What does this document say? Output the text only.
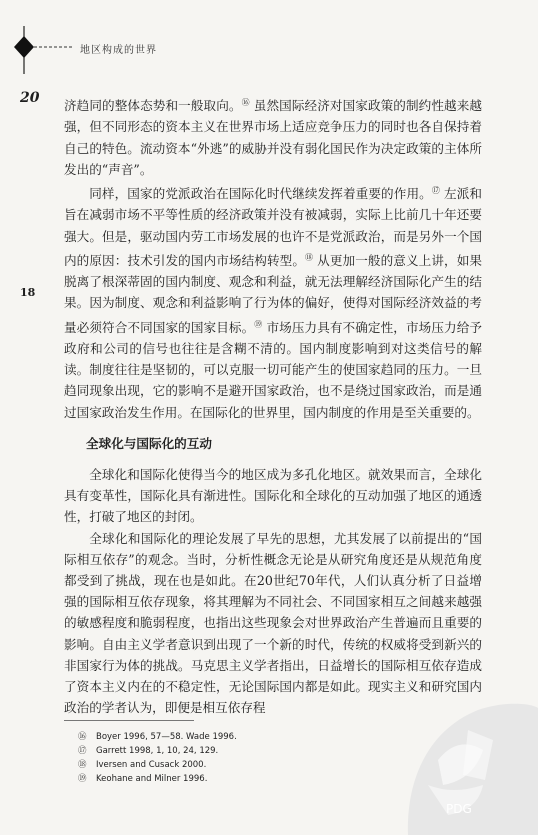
地区构成的世界
20
18

济趋同的整体态势和一般取向。⑯ 虽然国际经济对国家政策的制约性越来越强，但不同形态的资本主义在世界市场上适应竞争压力的同时也各自保持着自己的特色。流动资本“外逃”的威胁并没有弱化国民作为决定政策的主体所发出的“声音”。

同样，国家的党派政治在国际化时代继续发挥着重要的作用。⑰ 左派和旨在减弱市场不平等性质的经济政策并没有被减弱，实际上比前几十年还要强大。但是，驱动国内劳工市场发展的也许不是党派政治，而是另外一个国内的原因：技术引发的国内市场结构转型。⑱ 从更加一般的意义上讲，如果脱离了根深蒂固的国内制度、观念和利益，就无法理解经济国际化产生的结果。因为制度、观念和利益影响了行为体的偏好，使得对国际经济效益的考量必须符合不同国家的国家目标。⑲ 市场压力具有不确定性，市场压力给予政府和公司的信号也往往是含糊不清的。国内制度影响到对这类信号的解读。制度往往是坚韧的，可以克服一切可能产生的使国家趋同的压力。一旦趋同现象出现，它的影响不是避开国家政治，也不是绕过国家政治，而是通过国家政治发生作用。在国际化的世界里，国内制度的作用是至关重要的。

全球化与国际化的互动

全球化和国际化使得当今的地区成为多孔化地区。就效果而言，全球化具有变革性，国际化具有渐进性。国际化和全球化的互动加强了地区的通透性，打破了地区的封闭。

全球化和国际化的理论发展了早先的思想，尤其发展了以前提出的“国际相互依存”的观念。当时，分析性概念无论是从研究角度还是从规范角度都受到了挑战，现在也是如此。在20世纪70年代，人们认真分析了日益增强的国际相互依存现象，将其理解为不同社会、不同国家相互之间越来越强的敏感程度和脆弱程度，也指出这些现象会对世界政治产生普遍而且重要的影响。自由主义学者意识到出现了一个新的时代，传统的权威将受到新兴的非国家行为体的挑战。马克思主义学者指出，日益增长的国际相互依存造成了资本主义内在的不稳定性，无论国际国内都是如此。现实主义和研究国内政治的学者认为，即便是相互依存程

⑯ Boyer 1996, 57—58. Wade 1996.
⑰ Garrett 1998, 1, 10, 24, 129.
⑱ Iversen and Cusack 2000.
⑲ Keohane and Milner 1996.
PDG
